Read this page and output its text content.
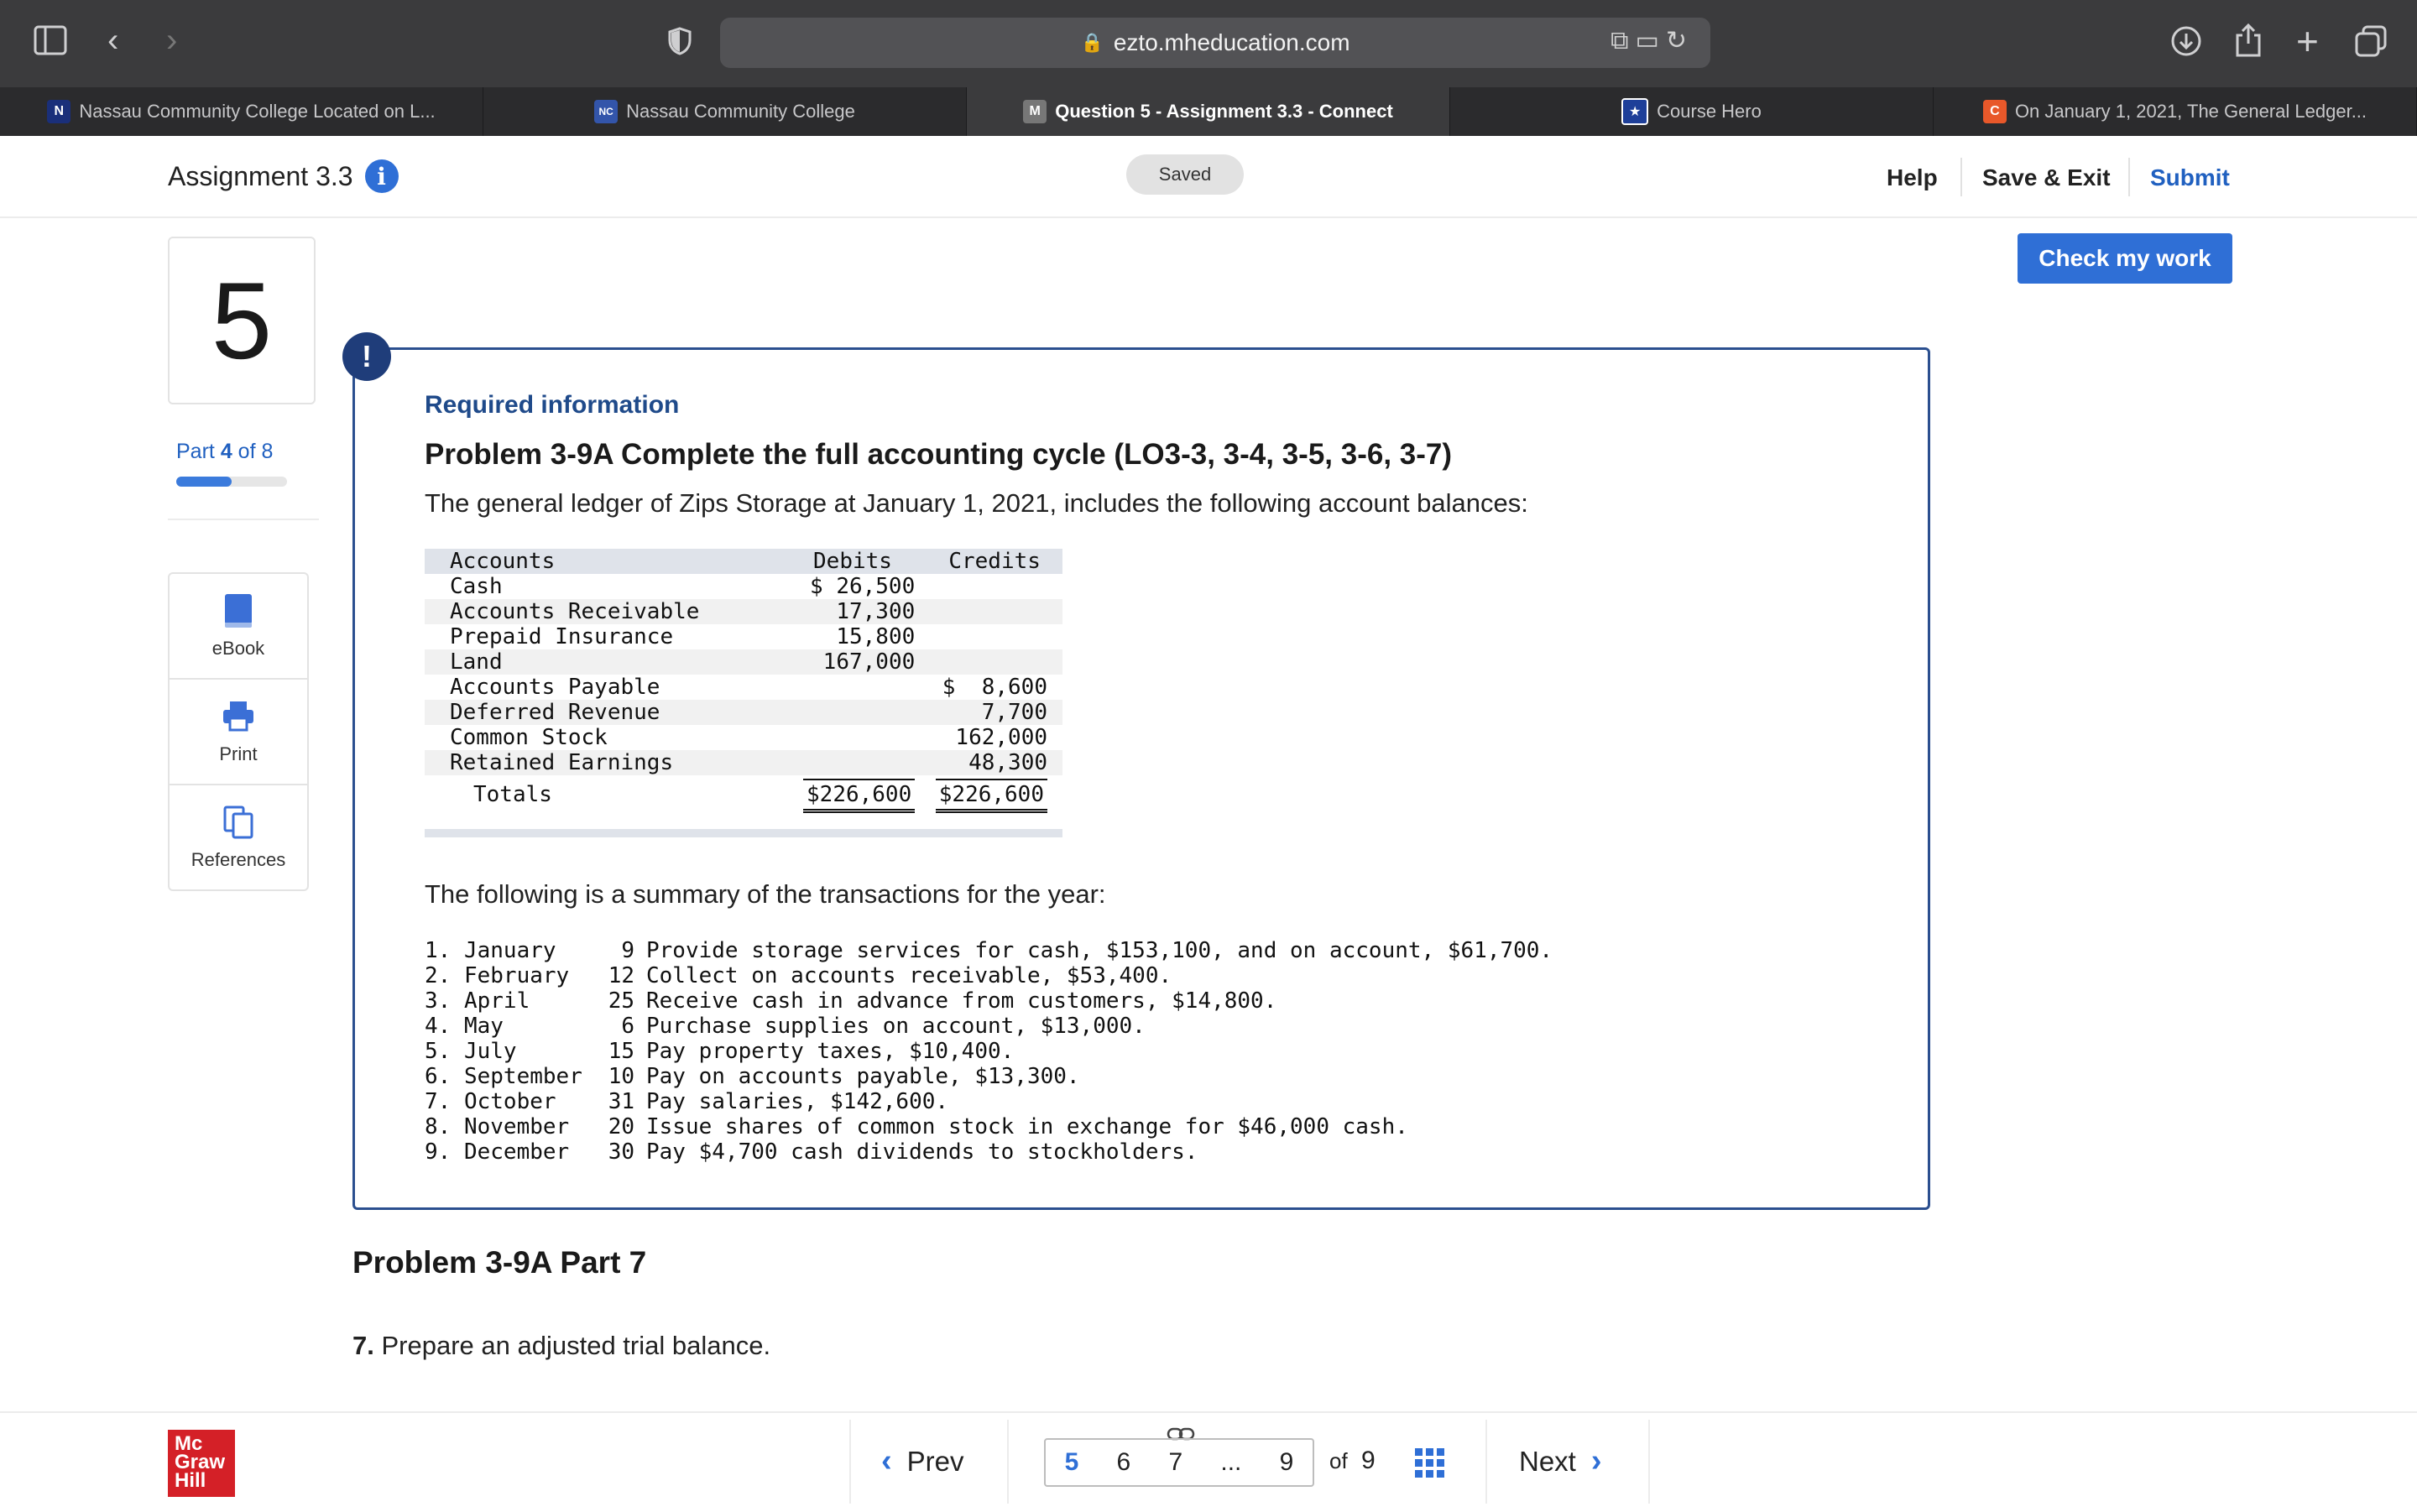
‹ ›	🔒 ezto.mheducation.com	⧉▭↻	+
N Nassau Community College Located on L...	NC Nassau Community College	M Question 5 - Assignment 3.3 - Connect	★ Course Hero	C On January 1, 2021, The General Ledger...
Assignment 3.3	i	Saved	Help Save & Exit Submit
Check my work
5
Part 4 of 8
eBook
Print
References
!
Required information
Problem 3-9A Complete the full accounting cycle (LO3-3, 3-4, 3-5, 3-6, 3-7)
The general ledger of Zips Storage at January 1, 2021, includes the following account balances:
Accounts	Debits	Credits
Cash	$ 26,500	
Accounts Receivable	17,300	
Prepaid Insurance	15,800	
Land	167,000	
Accounts Payable		$  8,600
Deferred Revenue		7,700
Common Stock		162,000
Retained Earnings		48,300
Totals	$226,600	$226,600
The following is a summary of the transactions for the year:
1. January	9 Provide storage services for cash, $153,100, and on account, $61,700.
2. February	12 Collect on accounts receivable, $53,400.
3. April	25 Receive cash in advance from customers, $14,800.
4. May	6 Purchase supplies on account, $13,000.
5. July	15 Pay property taxes, $10,400.
6. September	10 Pay on accounts payable, $13,300.
7. October	31 Pay salaries, $142,600.
8. November	20 Issue shares of common stock in exchange for $46,000 cash.
9. December	30 Pay $4,700 cash dividends to stockholders.
Problem 3-9A Part 7
7. Prepare an adjusted trial balance.
Mc
Graw
Hill
‹ Prev	5 6 7 ... 9 of 9	Next ›
